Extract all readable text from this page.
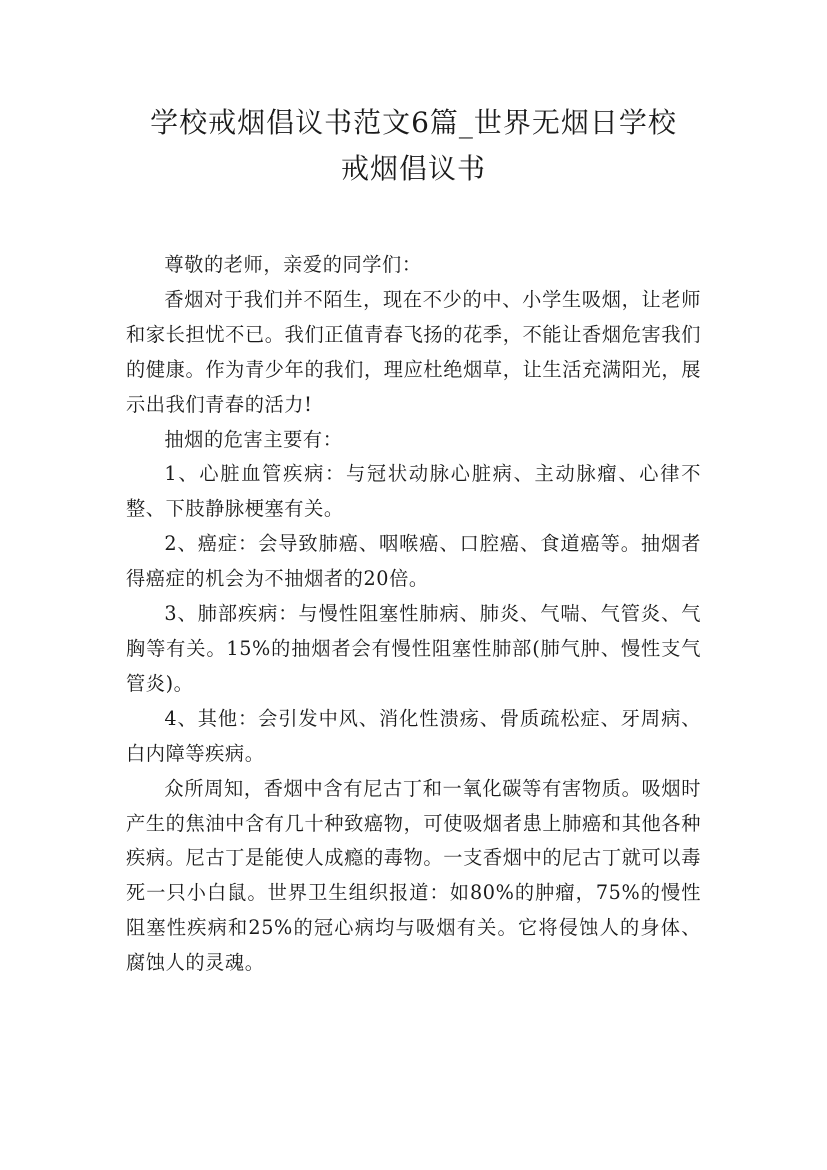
学校戒烟倡议书范文6篇_世界无烟日学校
戒烟倡议书

尊敬的老师，亲爱的同学们：

香烟对于我们并不陌生，现在不少的中、小学生吸烟，让老师和家长担忧不已。我们正值青春飞扬的花季，不能让香烟危害我们的健康。作为青少年的我们，理应杜绝烟草，让生活充满阳光，展示出我们青春的活力!

抽烟的危害主要有：

1、心脏血管疾病：与冠状动脉心脏病、主动脉瘤、心律不整、下肢静脉梗塞有关。

2、癌症：会导致肺癌、咽喉癌、口腔癌、食道癌等。抽烟者得癌症的机会为不抽烟者的20倍。

3、肺部疾病：与慢性阻塞性肺病、肺炎、气喘、气管炎、气胸等有关。15%的抽烟者会有慢性阻塞性肺部(肺气肿、慢性支气管炎)。

4、其他：会引发中风、消化性溃疡、骨质疏松症、牙周病、白内障等疾病。

众所周知，香烟中含有尼古丁和一氧化碳等有害物质。吸烟时产生的焦油中含有几十种致癌物，可使吸烟者患上肺癌和其他各种疾病。尼古丁是能使人成瘾的毒物。一支香烟中的尼古丁就可以毒死一只小白鼠。世界卫生组织报道：如80%的肿瘤，75%的慢性阻塞性疾病和25%的冠心病均与吸烟有关。它将侵蚀人的身体、腐蚀人的灵魂。
